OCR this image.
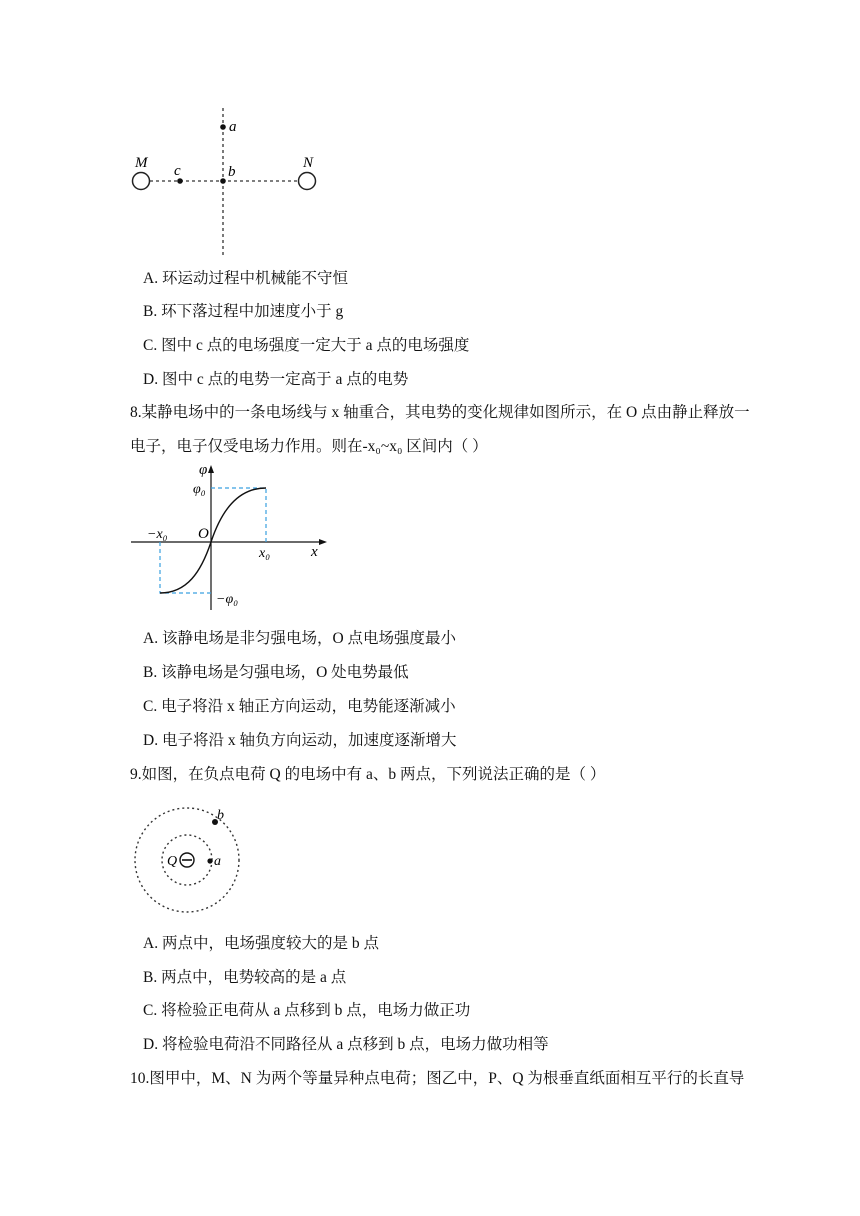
M	N
a
b
c
A. 环运动过程中机械能不守恒
B. 环下落过程中加速度小于 g
C. 图中 c 点的电场强度一定大于 a 点的电场强度
D. 图中 c 点的电势一定高于 a 点的电势
8.某静电场中的一条电场线与 x 轴重合，其电势的变化规律如图所示，在 O 点由静止释放一
电子，电子仅受电场力作用。则在-x₀~x₀ 区间内（ ）
φ
x
O
φ₀
−φ₀
x₀
−x₀
A. 该静电场是非匀强电场，O 点电场强度最小
B. 该静电场是匀强电场，O 处电势最低
C. 电子将沿 x 轴正方向运动，电势能逐渐减小
D. 电子将沿 x 轴负方向运动，加速度逐渐增大
9.如图，在负点电荷 Q 的电场中有 a、b 两点，下列说法正确的是（ ）
Q	a
b
A. 两点中，电场强度较大的是 b 点
B. 两点中，电势较高的是 a 点
C. 将检验正电荷从 a 点移到 b 点，电场力做正功
D. 将检验电荷沿不同路径从 a 点移到 b 点，电场力做功相等
10.图甲中，M、N 为两个等量异种点电荷；图乙中，P、Q 为根垂直纸面相互平行的长直导
